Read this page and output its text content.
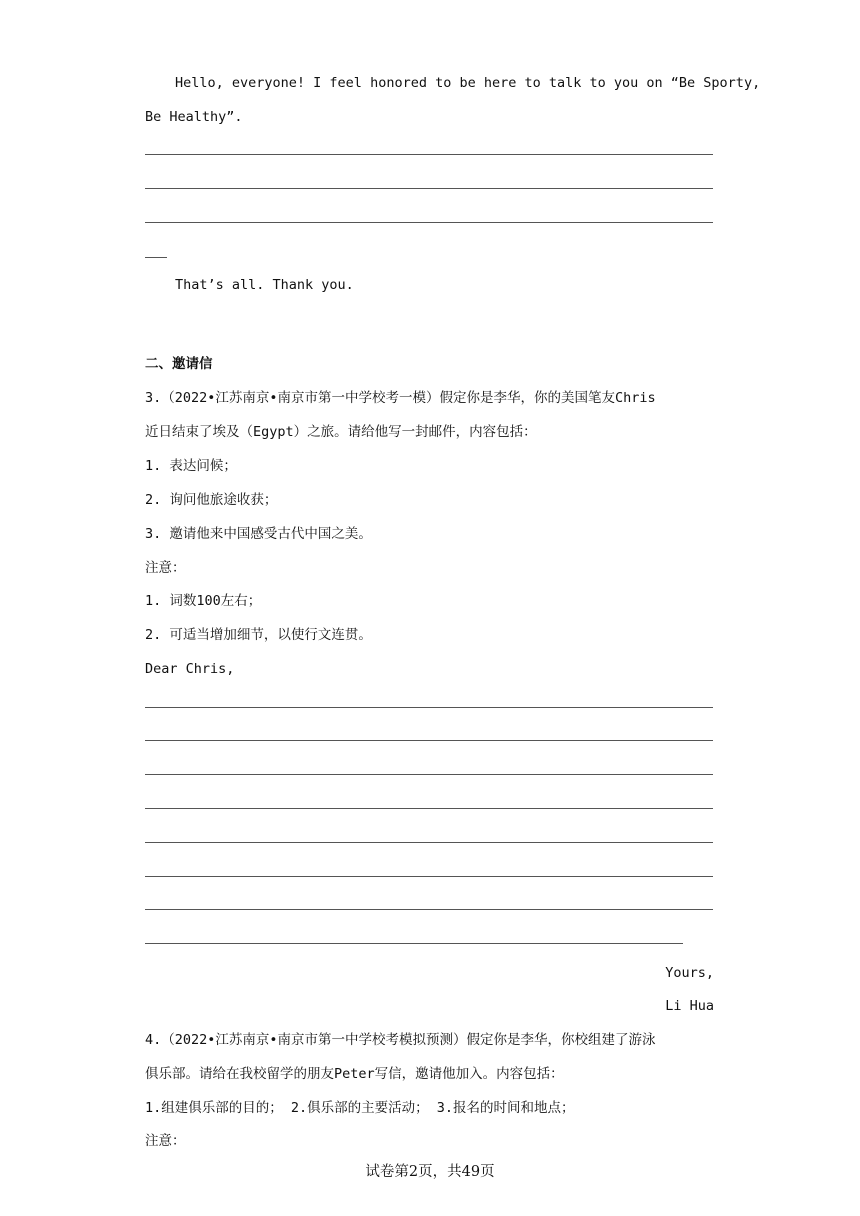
Hello, everyone! I feel honored to be here to talk to you on “Be Sporty,
Be Healthy”.
That’s all. Thank you.
二、邀请信
3.（2022•江苏南京•南京市第一中学校考一模）假定你是李华，你的美国笔友Chris
近日结束了埃及（Egypt）之旅。请给他写一封邮件，内容包括：
1. 表达问候；
2. 询问他旅途收获；
3. 邀请他来中国感受古代中国之美。
注意：
1. 词数100左右；
2. 可适当增加细节，以使行文连贯。
Dear Chris,
Yours,
Li Hua
4.（2022•江苏南京•南京市第一中学校考模拟预测）假定你是李华，你校组建了游泳
俱乐部。请给在我校留学的朋友Peter写信，邀请他加入。内容包括：
1.组建俱乐部的目的； 2.俱乐部的主要活动； 3.报名的时间和地点；
注意：
试卷第2页，共49页
